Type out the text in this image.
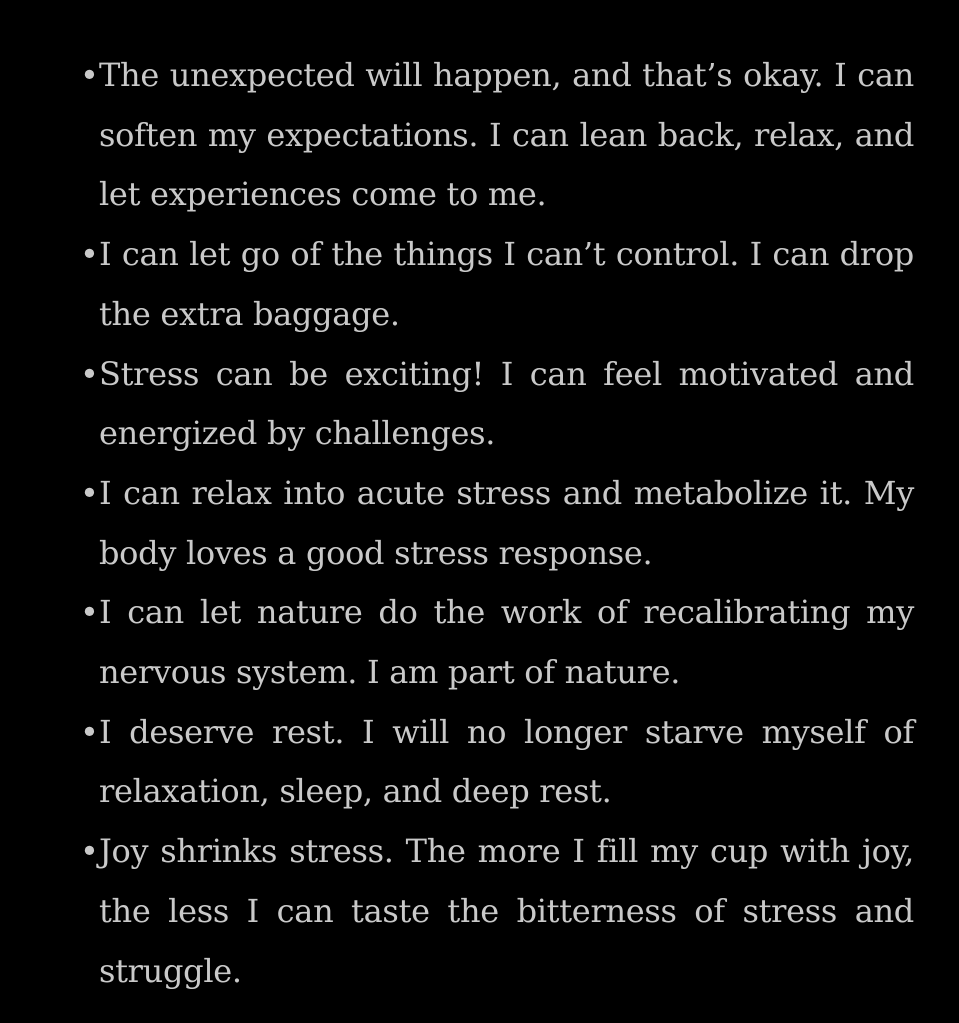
• The unexpected will happen, and that’s okay. I can soften my expectations. I can lean back, relax, and let experiences come to me.
• I can let go of the things I can’t control. I can drop the extra baggage.
• Stress can be exciting! I can feel motivated and energized by challenges.
• I can relax into acute stress and metabolize it. My body loves a good stress response.
• I can let nature do the work of recalibrating my nervous system. I am part of nature.
• I deserve rest. I will no longer starve myself of relaxation, sleep, and deep rest.
• Joy shrinks stress. The more I fill my cup with joy, the less I can taste the bitterness of stress and struggle.
